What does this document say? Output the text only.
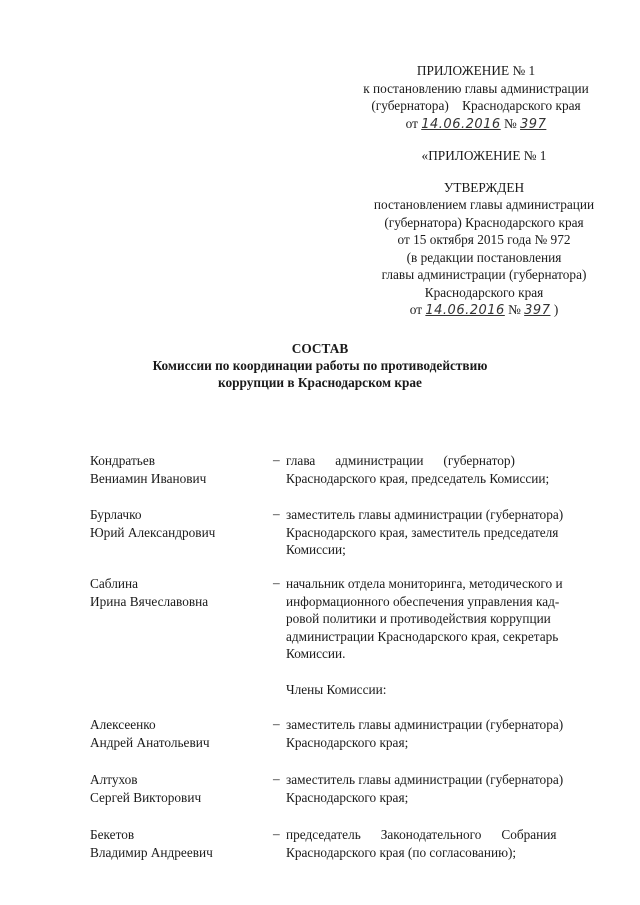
ПРИЛОЖЕНИЕ № 1
к постановлению главы администрации
(губернатора)    Краснодарского края
от 14.06.2016 № 397
«ПРИЛОЖЕНИЕ № 1
УТВЕРЖДЕН
постановлением главы администрации
(губернатора) Краснодарского края
от 15 октября 2015 года № 972
(в редакции постановления
главы администрации (губернатора)
Краснодарского края
от 14.06.2016 № 397 )
СОСТАВ
Комиссии по координации работы по противодействию
коррупции в Краснодарском крае
Кондратьев
Вениамин Иванович
– глава      администрации      (губернатор)
Краснодарского края, председатель Комиссии;
Бурлачко
Юрий Александрович
– заместитель главы администрации (губернатора)
Краснодарского края, заместитель председателя
Комиссии;
Саблина
Ирина Вячеславовна
– начальник отдела мониторинга, методического и
информационного обеспечения управления кад-
ровой политики и противодействия коррупции
администрации Краснодарского края, секретарь
Комиссии.
Члены Комиссии:
Алексеенко
Андрей Анатольевич
– заместитель главы администрации (губернатора)
Краснодарского края;
Алтухов
Сергей Викторович
– заместитель главы администрации (губернатора)
Краснодарского края;
Бекетов
Владимир Андреевич
– председатель      Законодательного      Собрания
Краснодарского края (по согласованию);
